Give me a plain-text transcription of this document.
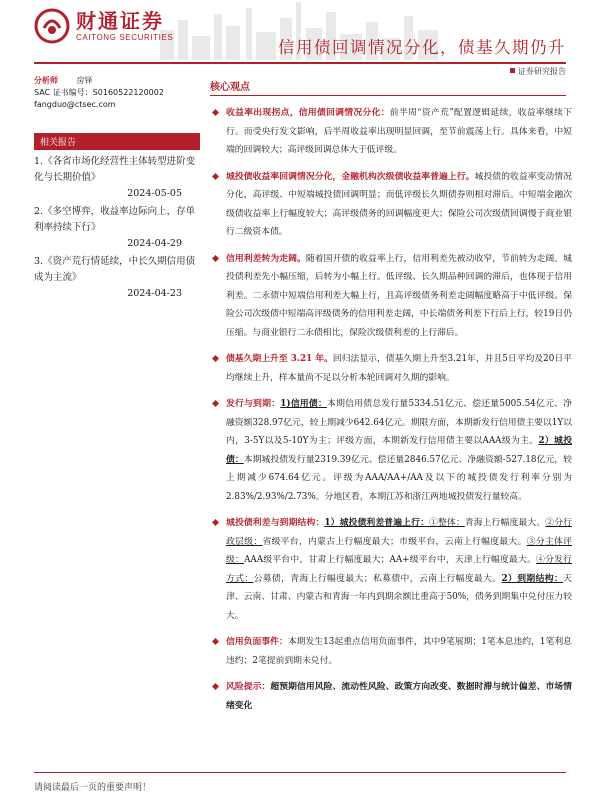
财通证券
CAITONG SECURITIES
信用债回调情况分化，债基久期仍升
证券研究报告
分析师 房铎
SAC 证书编号：S0160522120002
fangduo@ctsec.com
相关报告
1.《各省市场化经营性主体转型进阶变化与长期价值》
2024-05-05
2.《多空博弈，收益率边际向上，存单利率持续下行》
2024-04-29
3.《资产荒行情延续，中长久期信用债成为主流》
2024-04-23
核心观点
收益率出现拐点，信用债回调情况分化：前半周“资产荒”配置逻辑延续，收益率继续下行。而受央行发文影响，后半周收益率出现明显回调，至节前震荡上行。具体来看，中短端的回调较大；高评级回调总体大于低评级。
城投债收益率回调情况分化，金融机构次级债收益率普遍上行。城投债的收益率变动情况分化，高评级、中短端城投债回调明显；而低评级长久期债券则相对滞后。中短端金融次级债收益率上行幅度较大；高评级债务的回调幅度更大；保险公司次级债回调慢于商业银行二级资本债。
信用利差转为走阔。随着国开债的收益率上行，信用利差先被动收窄，节前转为走阔。城投债利差先小幅压缩，后转为小幅上行。低评级、长久期品种回调的滞后，也体现于信用利差。二永债中短端信用利差大幅上行，且高评级债务利差走阔幅度略高于中低评级。保险公司次级债中短端高评级债务的信用利差走阔，中长端债务利差下行后上行，较19日仍压缩。与商业银行二永债相比，保险次级债利差的上行滞后。
债基久期上升至 3.21 年。回归法显示，债基久期上升至3.21年，并且5日平均及20日平均继续上升，样本量尚不足以分析本轮回调对久期的影响。
发行与到期：1)信用债：本期信用债总发行量5334.51亿元、偿还量5005.54亿元、净融资额328.97亿元，较上期减少642.64亿元。期限方面，本期新发行信用债主要以1Y以内，3-5Y以及5-10Y为主；评级方面，本期新发行信用债主要以AAA级为主。2）城投债：本期城投债发行量2319.39亿元、偿还量2846.57亿元、净融资额-527.18亿元，较上期减少674.64亿元。评级为AAA/AA+/AA及以下的城投债发行利率分别为2.83%/2.93%/2.73%。分地区看，本期江苏和浙江两地城投债发行量较高。
城投债利差与到期结构：1）城投债利差普遍上行：①整体：青海上行幅度最大。②分行政层级：省级平台，内蒙古上行幅度最大；市级平台，云南上行幅度最大。③分主体评级：AAA级平台中，甘肃上行幅度最大；AA+级平台中，天津上行幅度最大。④分发行方式：公募债，青海上行幅度最大；私募债中，云南上行幅度最大。2）到期结构：天津、云南、甘肃、内蒙古和青海一年内到期余额比重高于50%，债务到期集中兑付压力较大。
信用负面事件：本期发生13起重点信用负面事件，其中9笔展期；1笔本息违约，1笔利息违约；2笔提前到期未兑付。
风险提示：超预期信用风险、流动性风险、政策方向改变、数据时滞与统计偏差、市场情绪变化
请阅读最后一页的重要声明！
